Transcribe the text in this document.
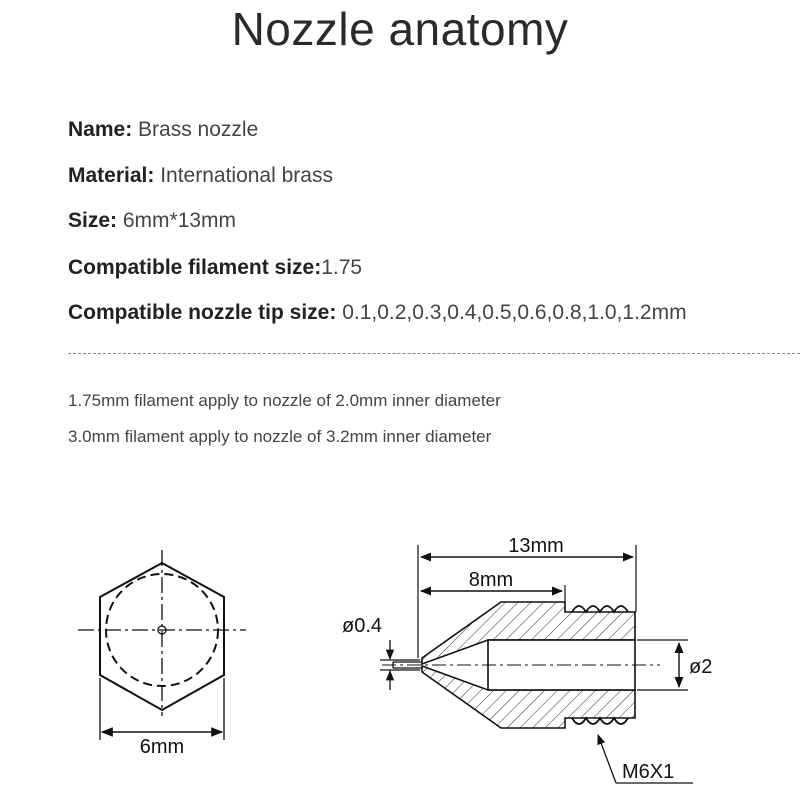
Nozzle anatomy
Name: Brass nozzle
Material: International brass
Size: 6mm*13mm
Compatible filament size:1.75
Compatible nozzle tip size: 0.1,0.2,0.3,0.4,0.5,0.6,0.8,1.0,1.2mm
1.75mm filament apply to nozzle of 2.0mm inner diameter
3.0mm filament apply to nozzle of 3.2mm inner diameter
6mm
13mm
8mm
ø0.4
ø2
M6X1
